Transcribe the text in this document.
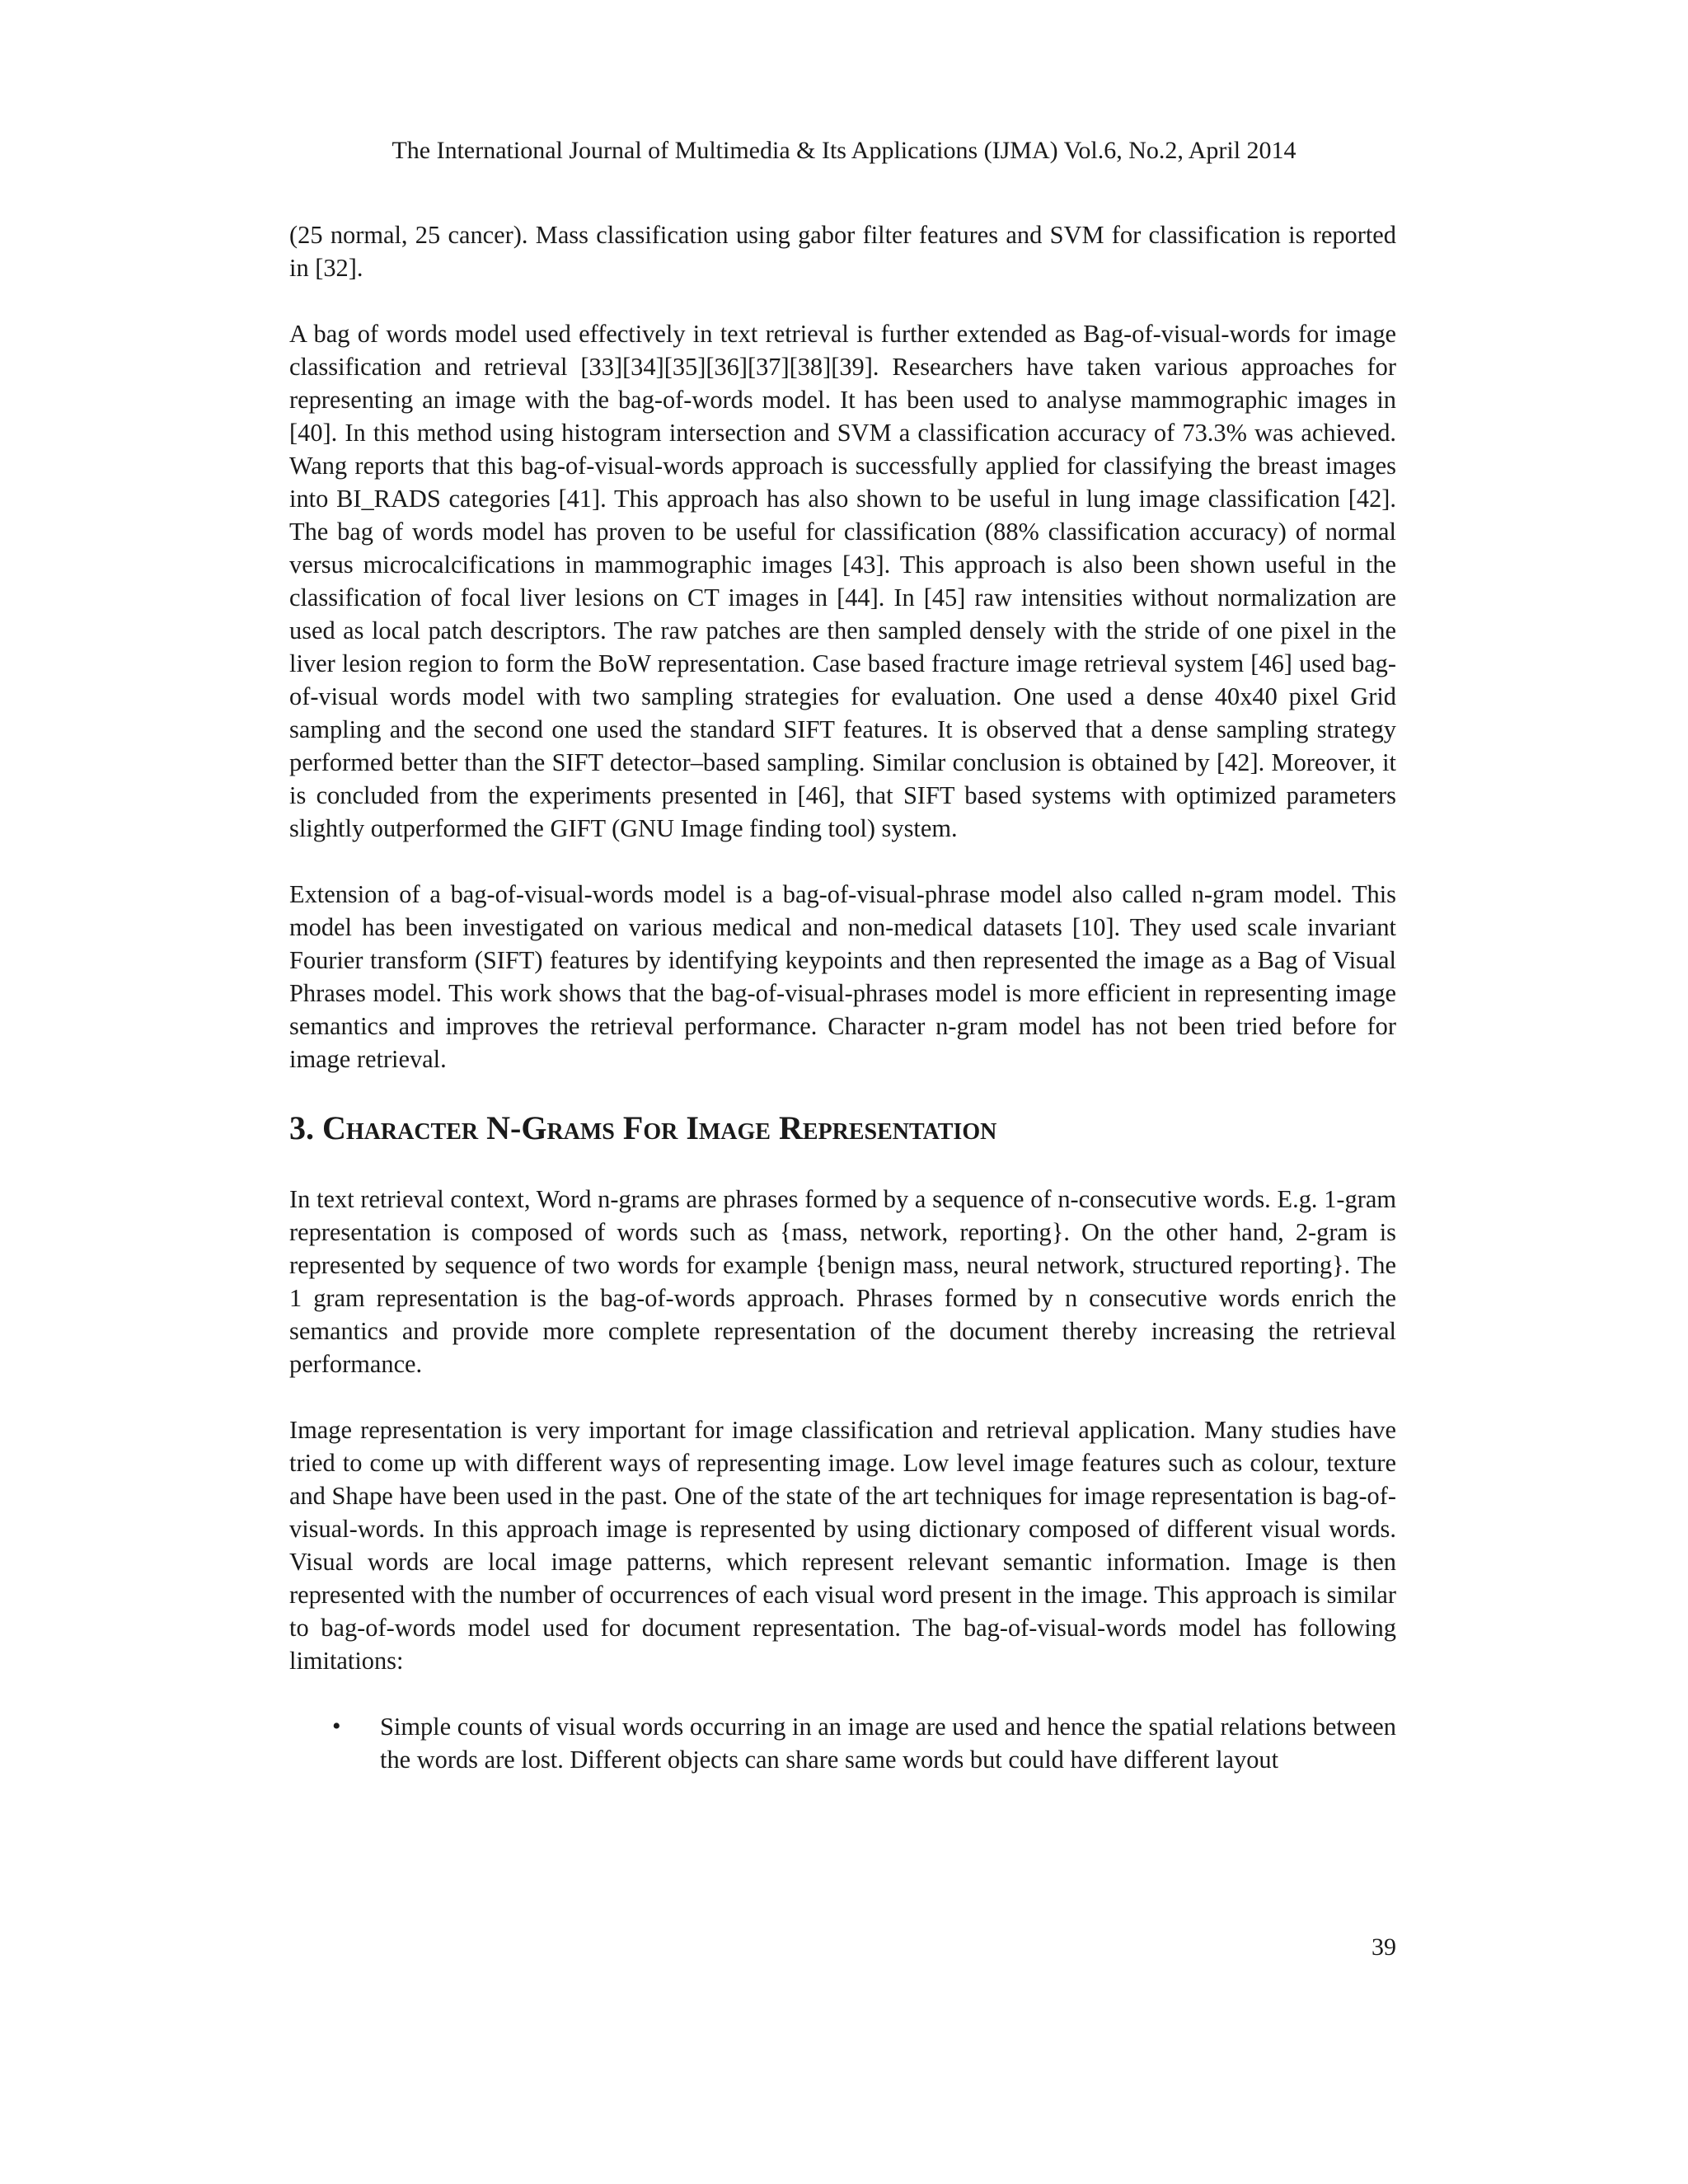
The International Journal of Multimedia & Its Applications (IJMA) Vol.6, No.2, April 2014

(25 normal, 25 cancer). Mass classification using gabor filter features and SVM for classification is reported in [32].

A bag of words model used effectively in text retrieval is further extended as Bag-of-visual-words for image classification and retrieval [33][34][35][36][37][38][39]. Researchers have taken various approaches for representing an image with the bag-of-words model. It has been used to analyse mammographic images in [40]. In this method using histogram intersection and SVM a classification accuracy of 73.3% was achieved. Wang reports that this bag-of-visual-words approach is successfully applied for classifying the breast images into BI_RADS categories [41]. This approach has also shown to be useful in lung image classification [42]. The bag of words model has proven to be useful for classification (88% classification accuracy) of normal versus microcalcifications in mammographic images [43]. This approach is also been shown useful in the classification of focal liver lesions on CT images in [44]. In [45] raw intensities without normalization are used as local patch descriptors. The raw patches are then sampled densely with the stride of one pixel in the liver lesion region to form the BoW representation. Case based fracture image retrieval system [46] used bag-of-visual words model with two sampling strategies for evaluation. One used a dense 40x40 pixel Grid sampling and the second one used the standard SIFT features. It is observed that a dense sampling strategy performed better than the SIFT detector–based sampling. Similar conclusion is obtained by [42]. Moreover, it is concluded from the experiments presented in [46], that SIFT based systems with optimized parameters slightly outperformed the GIFT (GNU Image finding tool) system.

Extension of a bag-of-visual-words model is a bag-of-visual-phrase model also called n-gram model. This model has been investigated on various medical and non-medical datasets [10]. They used scale invariant Fourier transform (SIFT) features by identifying keypoints and then represented the image as a Bag of Visual Phrases model. This work shows that the bag-of-visual-phrases model is more efficient in representing image semantics and improves the retrieval performance. Character n-gram model has not been tried before for image retrieval.

3. Character N-Grams For Image Representation

In text retrieval context, Word n-grams are phrases formed by a sequence of n-consecutive words. E.g. 1-gram representation is composed of words such as {mass, network, reporting}. On the other hand, 2-gram is represented by sequence of two words for example {benign mass, neural network, structured reporting}. The 1 gram representation is the bag-of-words approach. Phrases formed by n consecutive words enrich the semantics and provide more complete representation of the document thereby increasing the retrieval performance.

Image representation is very important for image classification and retrieval application. Many studies have tried to come up with different ways of representing image. Low level image features such as colour, texture and Shape have been used in the past. One of the state of the art techniques for image representation is bag-of-visual-words. In this approach image is represented by using dictionary composed of different visual words. Visual words are local image patterns, which represent relevant semantic information. Image is then represented with the number of occurrences of each visual word present in the image. This approach is similar to bag-of-words model used for document representation. The bag-of-visual-words model has following limitations:

• Simple counts of visual words occurring in an image are used and hence the spatial relations between the words are lost. Different objects can share same words but could have different layout

39
